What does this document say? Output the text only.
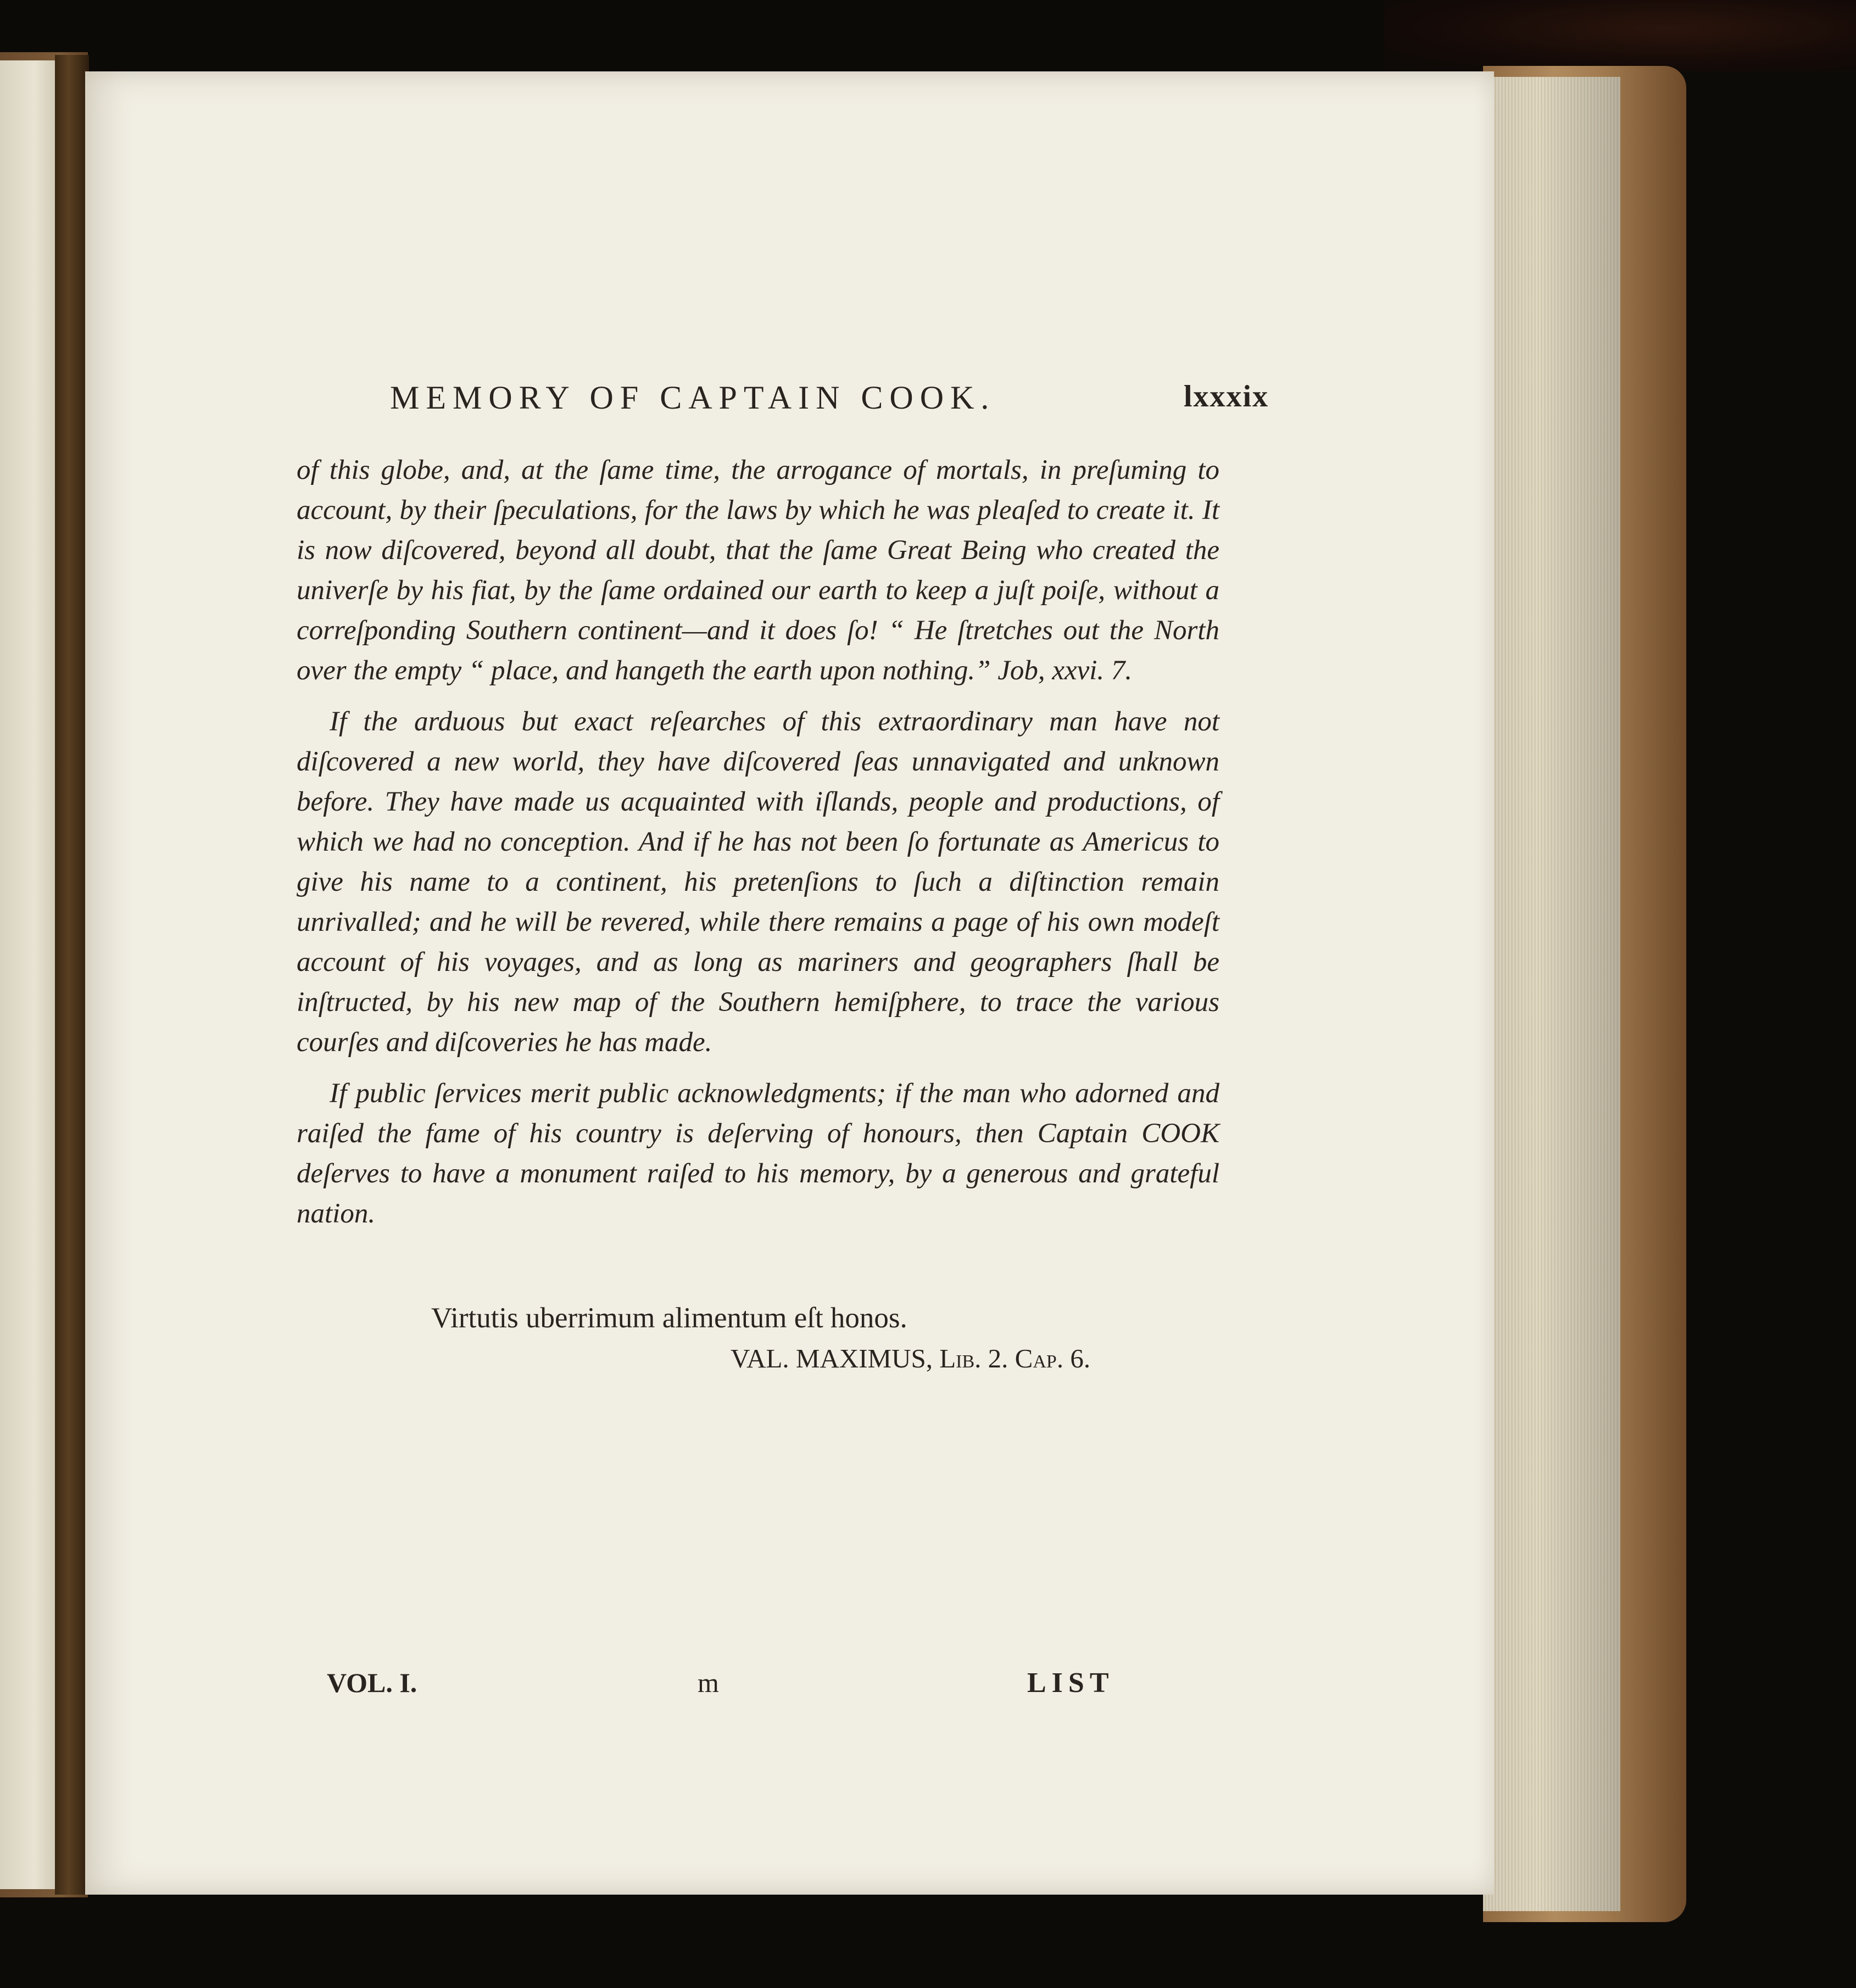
MEMORY OF CAPTAIN COOK.	lxxxix

of this globe, and, at the ſame time, the arrogance of mortals, in preſuming to account, by their ſpeculations, for the laws by which he was pleaſed to create it. It is now diſcovered, beyond all doubt, that the ſame Great Being who created the univerſe by his fiat, by the ſame ordained our earth to keep a juſt poiſe, without a correſponding Southern continent—and it does ſo! “ He ſtretches out the North over the empty “ place, and hangeth the earth upon nothing.” Job, xxvi. 7.

If the arduous but exact reſearches of this extraordinary man have not diſcovered a new world, they have diſcovered ſeas unnavigated and unknown before. They have made us acquainted with iſlands, people and productions, of which we had no conception. And if he has not been ſo fortunate as Americus to give his name to a continent, his pretenſions to ſuch a diſtinction remain unrivalled; and he will be revered, while there remains a page of his own modeſt account of his voyages, and as long as mariners and geographers ſhall be inſtructed, by his new map of the Southern hemiſphere, to trace the various courſes and diſcoveries he has made.

If public ſervices merit public acknowledgments; if the man who adorned and raiſed the fame of his country is deſerving of honours, then Captain COOK deſerves to have a monument raiſed to his memory, by a generous and grateful nation.

Virtutis uberrimum alimentum eſt honos.
VAL. MAXIMUS, Lib. 2. Cap. 6.
VOL. I.	m	LIST
